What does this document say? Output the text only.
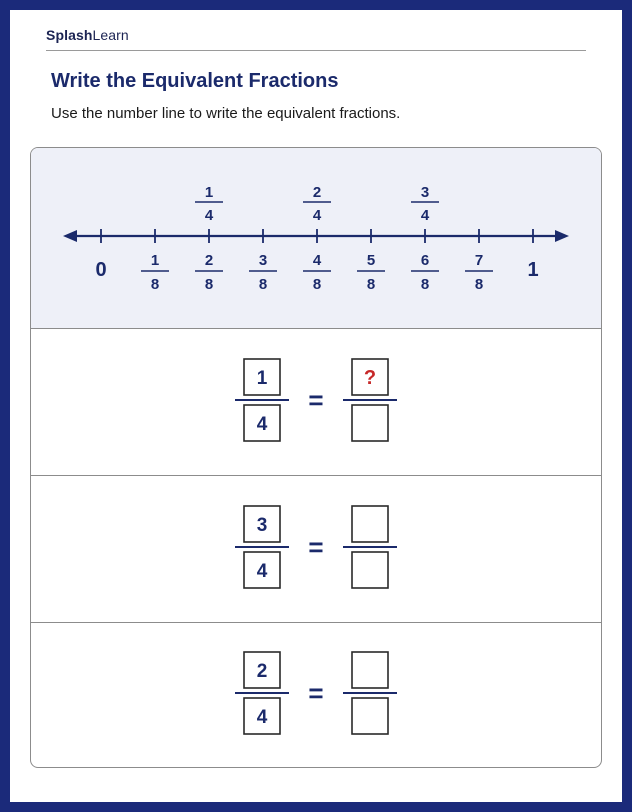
SplashLearn
Write the Equivalent Fractions
Use the number line to write the equivalent fractions.
0	1
1
8
2
8
3
8
4
8
5
8
6
8
7
8
1
4
2
4
3
4
1
4
=
?
3
4
=
2
4
=
